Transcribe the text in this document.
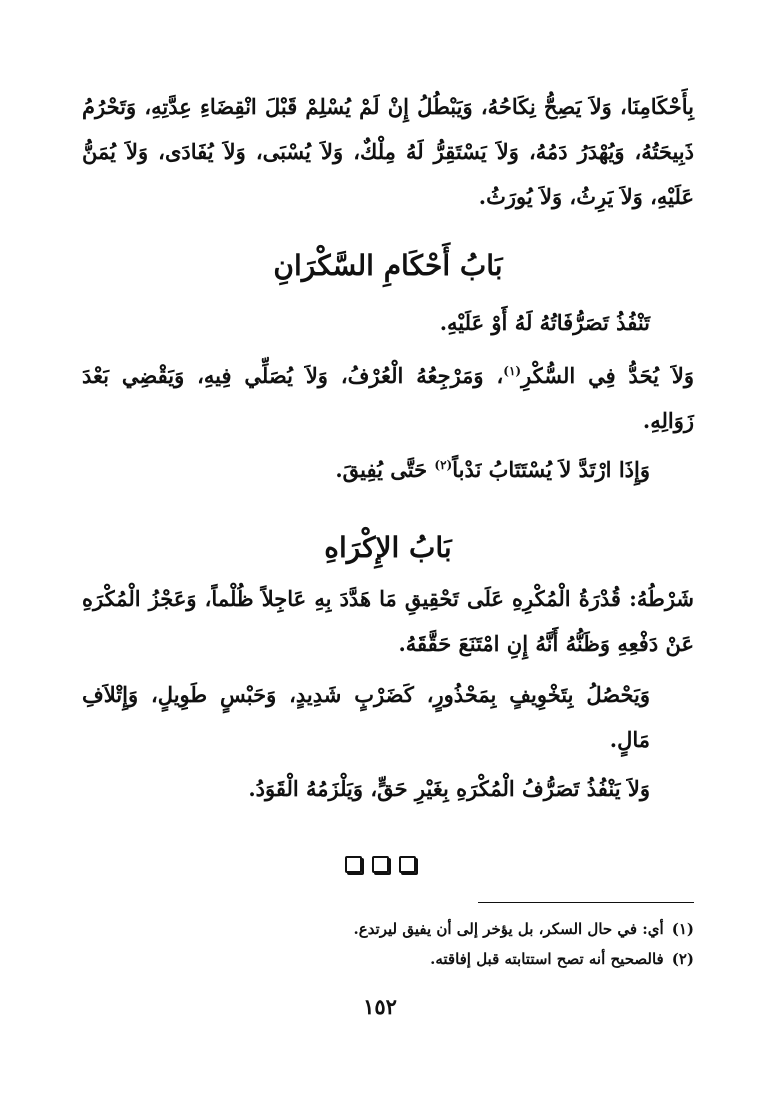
بِأَحْكَامِنَا، وَلاَ يَصِحُّ نِكَاحُهُ، وَيَبْطُلُ إِنْ لَمْ يُسْلِمْ قَبْلَ انْقِضَاءِ عِدَّتِهِ، وَتَحْرُمُ ذَبِيحَتُهُ، وَيُهْدَرُ دَمُهُ، وَلاَ يَسْتَقِرُّ لَهُ مِلْكٌ، وَلاَ يُسْبَى، وَلاَ يُفَادَى، وَلاَ يُمَنُّ عَلَيْهِ، وَلاَ يَرِثُ، وَلاَ يُورَثُ.

بَابُ أَحْكَامِ السَّكْرَانِ

تَنْفُذُ تَصَرُّفَاتُهُ لَهُ أَوْ عَلَيْهِ.

وَلاَ يُحَدُّ فِي السُّكْرِ$^{(١)}$، وَمَرْجِعُهُ الْعُرْفُ، وَلاَ يُصَلِّي فِيهِ، وَيَقْضِي بَعْدَ زَوَالِهِ.

وَإِذَا ارْتَدَّ لاَ يُسْتَتَابُ نَدْباً$^{(٢)}$ حَتَّى يُفِيقَ.

بَابُ الإِكْرَاهِ

شَرْطُهُ: قُدْرَةُ الْمُكْرِهِ عَلَى تَحْقِيقِ مَا هَدَّدَ بِهِ عَاجِلاً ظُلْماً، وَعَجْزُ الْمُكْرَهِ عَنْ دَفْعِهِ وَظَنُّهُ أَنَّهُ إِنِ امْتَنَعَ حَقَّقَهُ.

وَيَحْصُلُ بِتَخْوِيفٍ بِمَحْذُورٍ، كَضَرْبٍ شَدِيدٍ، وَحَبْسٍ طَوِيلٍ، وَإِتْلاَفِ مَالٍ.

وَلاَ يَنْفُذُ تَصَرُّفُ الْمُكْرَهِ بِغَيْرِ حَقٍّ، وَيَلْزَمُهُ الْقَوَدُ.

(١)أي: في حال السكر، بل يؤخر إلى أن يفيق ليرتدع.
(٢)فالصحيح أنه تصح استتابته قبل إفاقته.
١٥٢
